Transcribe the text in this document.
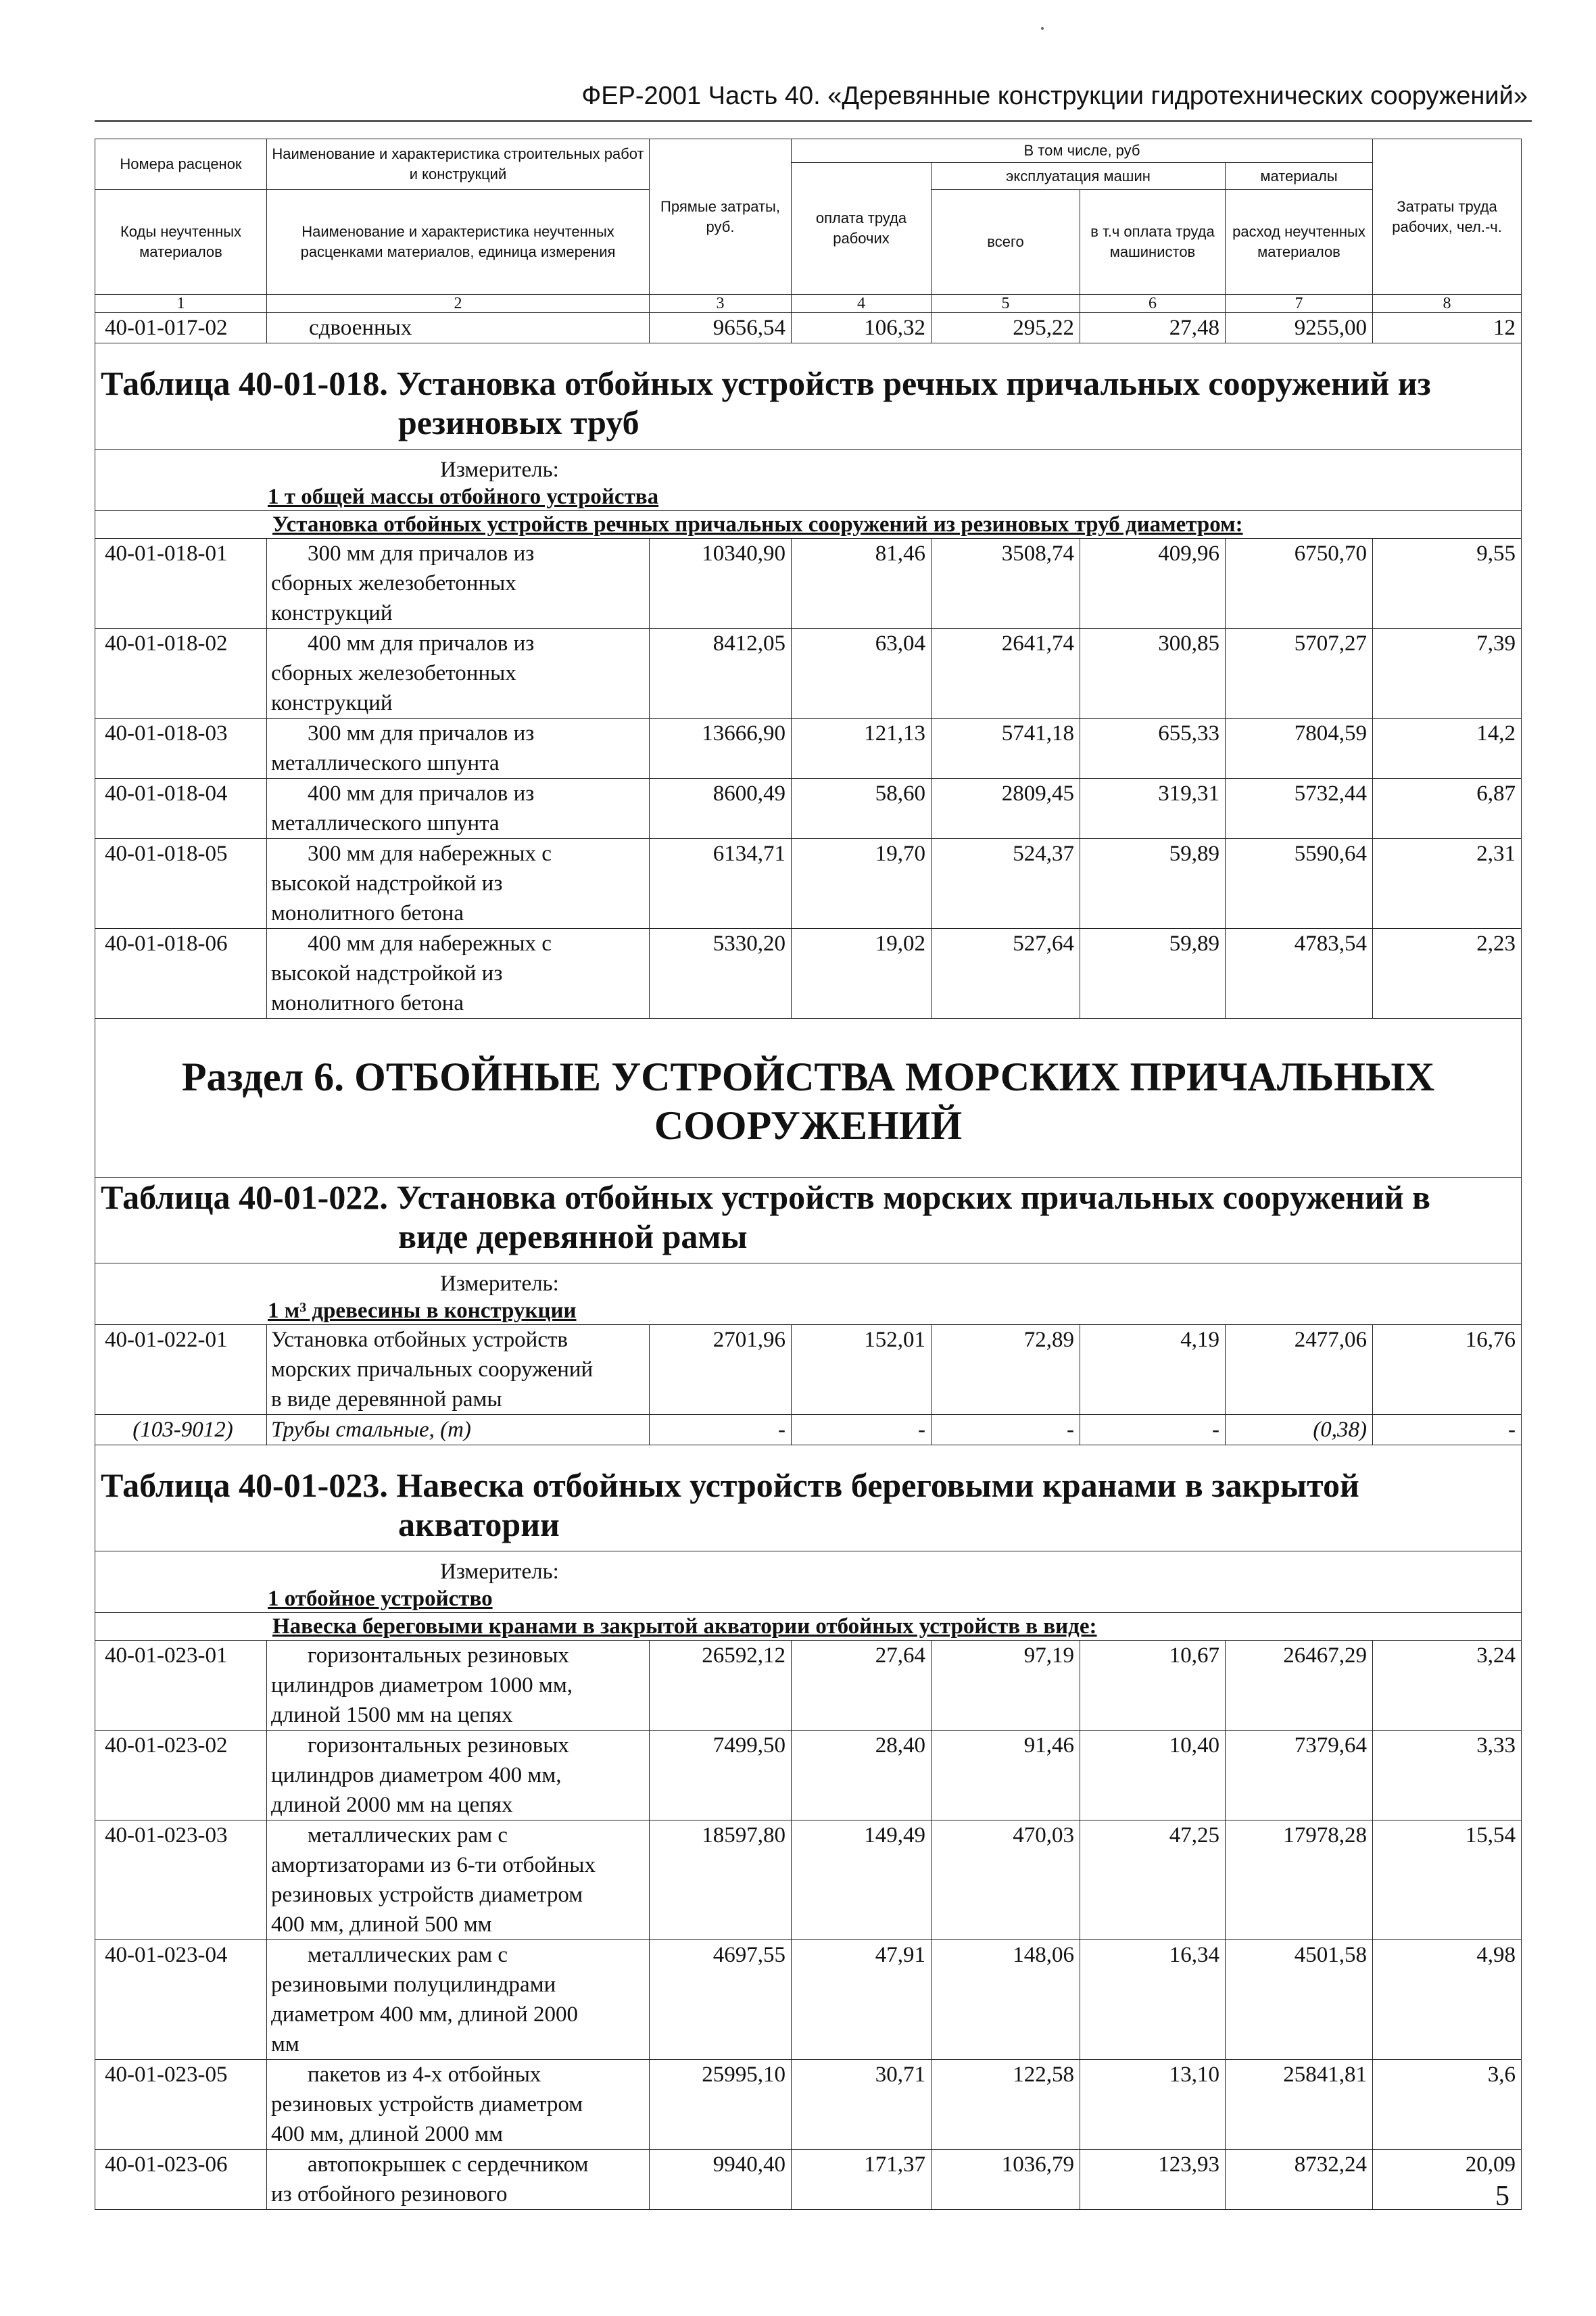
ФЕР-2001 Часть 40. «Деревянные конструкции гидротехнических сооружений»
Номера расценок	Наименование и характеристика строительных работ и конструкций	Прямые затраты, руб.	В том числе, руб				Затраты труда рабочих, чел.-ч.
			оплата труда рабочих	эксплуатация машин		материалы	
Коды неучтенных материалов	Наименование и характеристика неучтенных расценками материалов, единица измерения			всего	в т.ч оплата труда машинистов	расход неучтенных материалов	

1	2	3	4	5	6	7	8
40-01-017-02	сдвоенных	9656,54	106,32	295,22	27,48	9255,00	12
Таблица 40-01-018. Установка отбойных устройств речных причальных сооружений из
резиновых труб							

Измеритель:
1 т общей массы отбойного устройства							

Установка отбойных устройств речных причальных сооружений из резиновых труб диаметром:							
40-01-018-01	300 мм для причалов из
сборных железобетонных
конструкций	10340,90	81,46	3508,74	409,96	6750,70	9,55
40-01-018-02	400 мм для причалов из
сборных железобетонных
конструкций	8412,05	63,04	2641,74	300,85	5707,27	7,39
40-01-018-03	300 мм для причалов из
металлического шпунта	13666,90	121,13	5741,18	655,33	7804,59	14,2
40-01-018-04	400 мм для причалов из
металлического шпунта	8600,49	58,60	2809,45	319,31	5732,44	6,87
40-01-018-05	300 мм для набережных с
высокой надстройкой из
монолитного бетона	6134,71	19,70	524,37	59,89	5590,64	2,31
40-01-018-06	400 мм для набережных с
высокой надстройкой из
монолитного бетона	5330,20	19,02	527,64	59,89	4783,54	2,23
Раздел 6. ОТБОЙНЫЕ УСТРОЙСТВА МОРСКИХ ПРИЧАЛЬНЫХ
СООРУЖЕНИЙ							
Таблица 40-01-022. Установка отбойных устройств морских причальных сооружений в
виде деревянной рамы							

Измеритель:
1 м³ древесины в конструкции							

40-01-022-01	Установка отбойных устройств
морских причальных сооружений
в виде деревянной рамы	2701,96	152,01	72,89	4,19	2477,06	16,76
(103-9012)	Трубы стальные, (т)	-	-	-	-	(0,38)	-
Таблица 40-01-023. Навеска отбойных устройств береговыми кранами в закрытой
акватории							

Измеритель:
1 отбойное устройство							

Навеска береговыми кранами в закрытой акватории отбойных устройств в виде:							
40-01-023-01	горизонтальных резиновых
цилиндров диаметром 1000 мм,
длиной 1500 мм на цепях	26592,12	27,64	97,19	10,67	26467,29	3,24
40-01-023-02	горизонтальных резиновых
цилиндров диаметром 400 мм,
длиной 2000 мм на цепях	7499,50	28,40	91,46	10,40	7379,64	3,33
40-01-023-03	металлических рам с
амортизаторами из 6-ти отбойных
резиновых устройств диаметром
400 мм, длиной 500 мм	18597,80	149,49	470,03	47,25	17978,28	15,54
40-01-023-04	металлических рам с
резиновыми полуцилиндрами
диаметром 400 мм, длиной 2000
мм	4697,55	47,91	148,06	16,34	4501,58	4,98
40-01-023-05	пакетов из 4-х отбойных
резиновых устройств диаметром
400 мм, длиной 2000 мм	25995,10	30,71	122,58	13,10	25841,81	3,6
40-01-023-06	автопокрышек с сердечником
из отбойного резинового	9940,40	171,37	1036,79	123,93	8732,24	20,09
5
